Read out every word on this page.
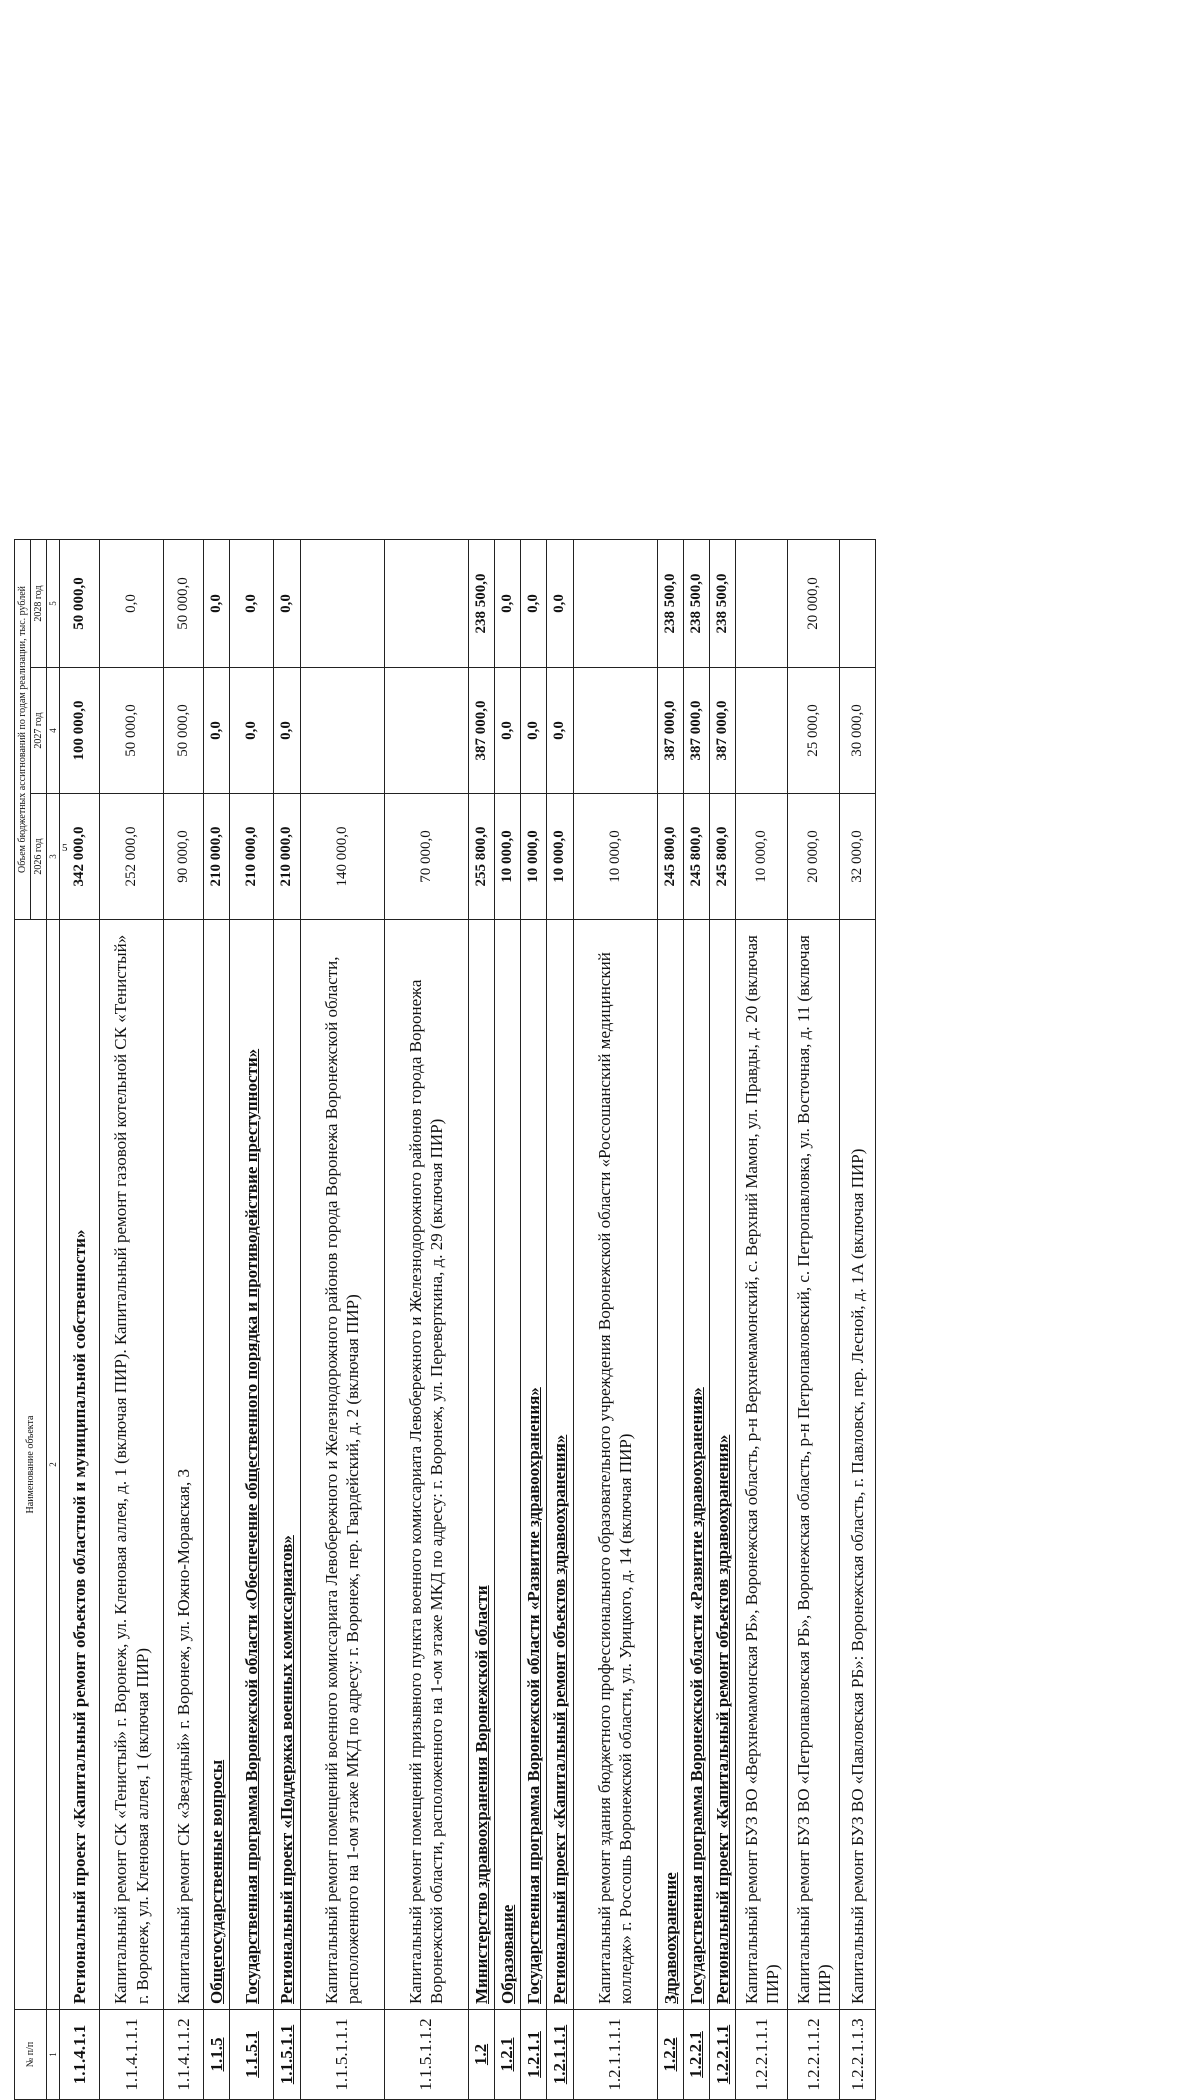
5
№ п/п	Наименование объекта	Объем бюджетных ассигнований по годам реализации, тыс. рублей		
		2026 год	2027 год	2028 год
1	2	3	4	5
1.1.4.1.1	Региональный проект «Капитальный ремонт объектов областной и муниципальной собственности»	342 000,0	100 000,0	50 000,0
1.1.4.1.1.1	Капитальный ремонт СК «Тенистый» г. Воронеж, ул. Кленовая аллея, д. 1 (включая ПИР). Капитальный ремонт газовой котельной СК «Тенистый» г. Воронеж, ул. Кленовая аллея, 1 (включая ПИР)	252 000,0	50 000,0	0,0
1.1.4.1.1.2	Капитальный ремонт СК «Звездный» г. Воронеж, ул. Южно-Моравская, 3	90 000,0	50 000,0	50 000,0
1.1.5	Общегосударственные вопросы	210 000,0	0,0	0,0
1.1.5.1	Государственная программа Воронежской области «Обеспечение общественного порядка и противодействие преступности»	210 000,0	0,0	0,0
1.1.5.1.1	Региональный проект «Поддержка военных комиссариатов»	210 000,0	0,0	0,0
1.1.5.1.1.1	Капитальный ремонт помещений военного комиссариата Левобережного и Железнодорожного районов города Воронежа Воронежской области, расположенного на 1-ом этаже МКД по адресу: г. Воронеж, пер. Гвардейский, д. 2 (включая ПИР)	140 000,0		
1.1.5.1.1.2	Капитальный ремонт помещений призывного пункта военного комиссариата Левобережного и Железнодорожного районов города Воронежа Воронежской области, расположенного на 1-ом этаже МКД по адресу: г. Воронеж, ул. Переверткина, д. 29 (включая ПИР)	70 000,0		
1.2	Министерство здравоохранения Воронежской области	255 800,0	387 000,0	238 500,0
1.2.1	Образование	10 000,0	0,0	0,0
1.2.1.1	Государственная программа Воронежской области «Развитие здравоохранения»	10 000,0	0,0	0,0
1.2.1.1.1	Региональный проект «Капитальный ремонт объектов здравоохранения»	10 000,0	0,0	0,0
1.2.1.1.1.1	Капитальный ремонт здания бюджетного профессионального образовательного учреждения Воронежской области «Россошанский медицинский колледж» г. Россошь Воронежской области, ул. Урицкого, д. 14 (включая ПИР)	10 000,0		
1.2.2	Здравоохранение	245 800,0	387 000,0	238 500,0
1.2.2.1	Государственная программа Воронежской области «Развитие здравоохранения»	245 800,0	387 000,0	238 500,0
1.2.2.1.1	Региональный проект «Капитальный ремонт объектов здравоохранения»	245 800,0	387 000,0	238 500,0
1.2.2.1.1.1	Капитальный ремонт БУЗ ВО «Верхнемамонская РБ», Воронежская область, р-н Верхнемамонский, с. Верхний Мамон, ул. Правды, д. 20 (включая ПИР)	10 000,0		
1.2.2.1.1.2	Капитальный ремонт БУЗ ВО «Петропавловская РБ», Воронежская область, р-н Петропавловский, с. Петропавловка, ул. Восточная, д. 11 (включая ПИР)	20 000,0	25 000,0	20 000,0
1.2.2.1.1.3	Капитальный ремонт БУЗ ВО «Павловская РБ»: Воронежская область, г. Павловск, пер. Лесной, д. 1А (включая ПИР)	32 000,0	30 000,0	
